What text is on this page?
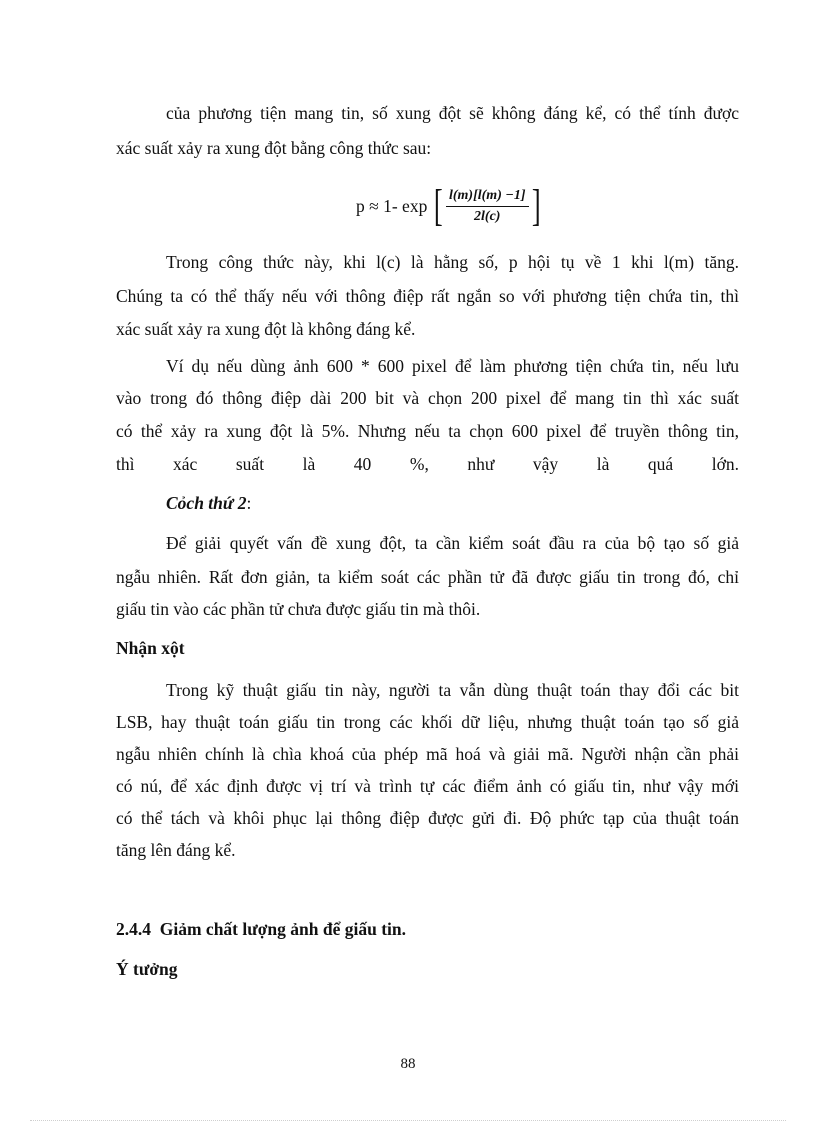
của phương tiện mang tin, số xung đột sẽ không đáng kể, có thể tính được
xác suất xảy ra xung đột bằng công thức sau:
p ≈ 1- exp [ $\frac{l(m)[l(m) -1]}{2l(c)}$ ]
Trong công thức này, khi l(c) là hằng số, p hội tụ về 1 khi l(m) tăng.
Chúng ta có thể thấy nếu với thông điệp rất ngắn so với phương tiện chứa tin, thì
xác suất xảy ra xung đột là không đáng kể.
Ví dụ nếu dùng ảnh 600 * 600 pixel để làm phương tiện chứa tin, nếu lưu
vào trong đó thông điệp dài 200 bit và chọn 200 pixel để mang tin thì xác suất
có thể xảy ra xung đột là 5%. Nhưng nếu ta chọn 600 pixel để truyền thông tin,
thì xác suất là 40 %, như vậy là quá lớn.
Cỏch thứ 2:
Để giải quyết vấn đề xung đột, ta cần kiểm soát đầu ra của bộ tạo số giả
ngẫu nhiên. Rất đơn giản, ta kiểm soát các phần tử đã được giấu tin trong đó, chỉ
giấu tin vào các phần tử chưa được giấu tin mà thôi.
Nhận xột
Trong kỹ thuật giấu tin này, người ta vẫn dùng thuật toán thay đổi các bit
LSB, hay thuật toán giấu tin trong các khối dữ liệu, nhưng thuật toán tạo số giả
ngẫu nhiên chính là chìa khoá của phép mã hoá và giải mã. Người nhận cần phải
có nú, để xác định được vị trí và trình tự các điểm ảnh có giấu tin, như vậy mới
có thể tách và khôi phục lại thông điệp được gửi đi. Độ phức tạp của thuật toán
tăng lên đáng kể.
2.4.4  Giảm chất lượng ảnh để giấu tin.
Ý tưởng
88
